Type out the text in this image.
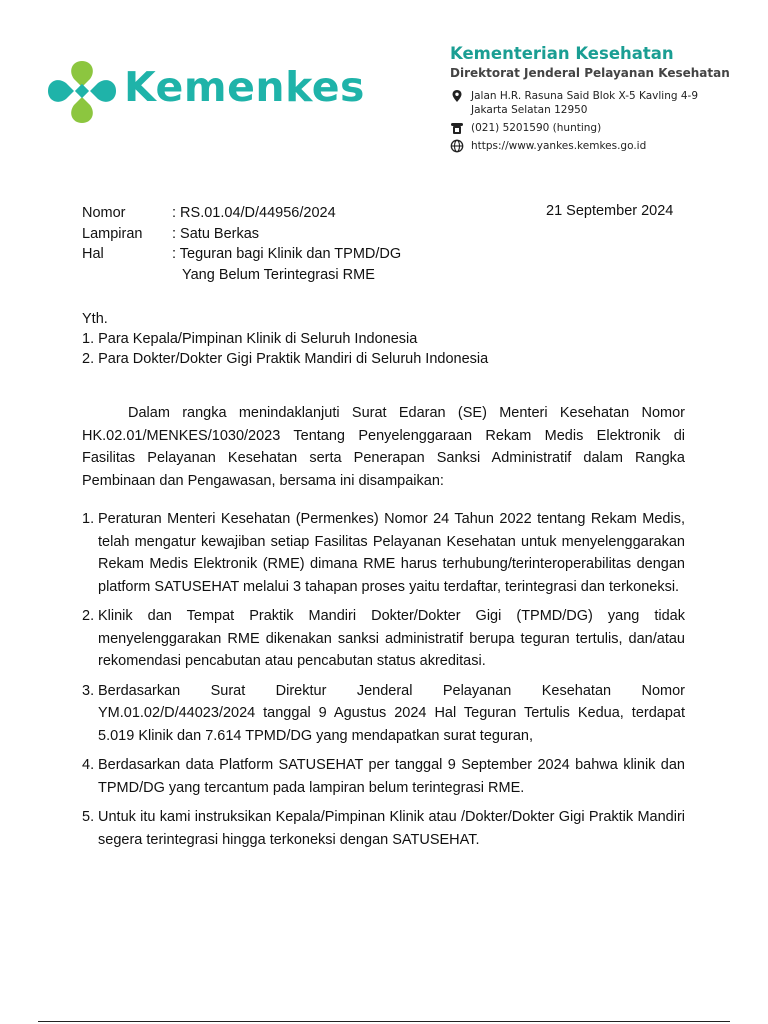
Kemenkes
Kementerian Kesehatan
Direktorat Jenderal Pelayanan Kesehatan
Jalan H.R. Rasuna Said Blok X-5 Kavling 4-9
Jakarta Selatan 12950
(021) 5201590 (hunting)
https://www.yankes.kemkes.go.id
Nomor	: RS.01.04/D/44956/2024
Lampiran	: Satu Berkas
Hal	: Teguran bagi Klinik dan TPMD/DG
Yang Belum Terintegrasi RME
21 September 2024
Yth.
1. Para Kepala/Pimpinan Klinik di Seluruh Indonesia
2. Para Dokter/Dokter Gigi Praktik Mandiri di Seluruh Indonesia
Dalam rangka menindaklanjuti Surat Edaran (SE) Menteri Kesehatan Nomor HK.02.01/MENKES/1030/2023 Tentang Penyelenggaraan Rekam Medis Elektronik di Fasilitas Pelayanan Kesehatan serta Penerapan Sanksi Administratif dalam Rangka Pembinaan dan Pengawasan, bersama ini disampaikan:
1. Peraturan Menteri Kesehatan (Permenkes) Nomor 24 Tahun 2022 tentang Rekam Medis, telah mengatur kewajiban setiap Fasilitas Pelayanan Kesehatan untuk menyelenggarakan Rekam Medis Elektronik (RME) dimana RME harus terhubung/terinteroperabilitas dengan platform SATUSEHAT melalui 3 tahapan proses yaitu terdaftar, terintegrasi dan terkoneksi.
2. Klinik dan Tempat Praktik Mandiri Dokter/Dokter Gigi (TPMD/DG) yang tidak menyelenggarakan RME dikenakan sanksi administratif berupa teguran tertulis, dan/atau rekomendasi pencabutan atau pencabutan status akreditasi.
3. Berdasarkan Surat Direktur Jenderal Pelayanan Kesehatan Nomor YM.01.02/D/44023/2024 tanggal 9 Agustus 2024 Hal Teguran Tertulis Kedua, terdapat 5.019 Klinik dan 7.614 TPMD/DG yang mendapatkan surat teguran,
4. Berdasarkan data Platform SATUSEHAT per tanggal 9 September 2024 bahwa klinik dan TPMD/DG yang tercantum pada lampiran belum terintegrasi RME.
5. Untuk itu kami instruksikan Kepala/Pimpinan Klinik atau /Dokter/Dokter Gigi Praktik Mandiri segera terintegrasi hingga terkoneksi dengan SATUSEHAT.
